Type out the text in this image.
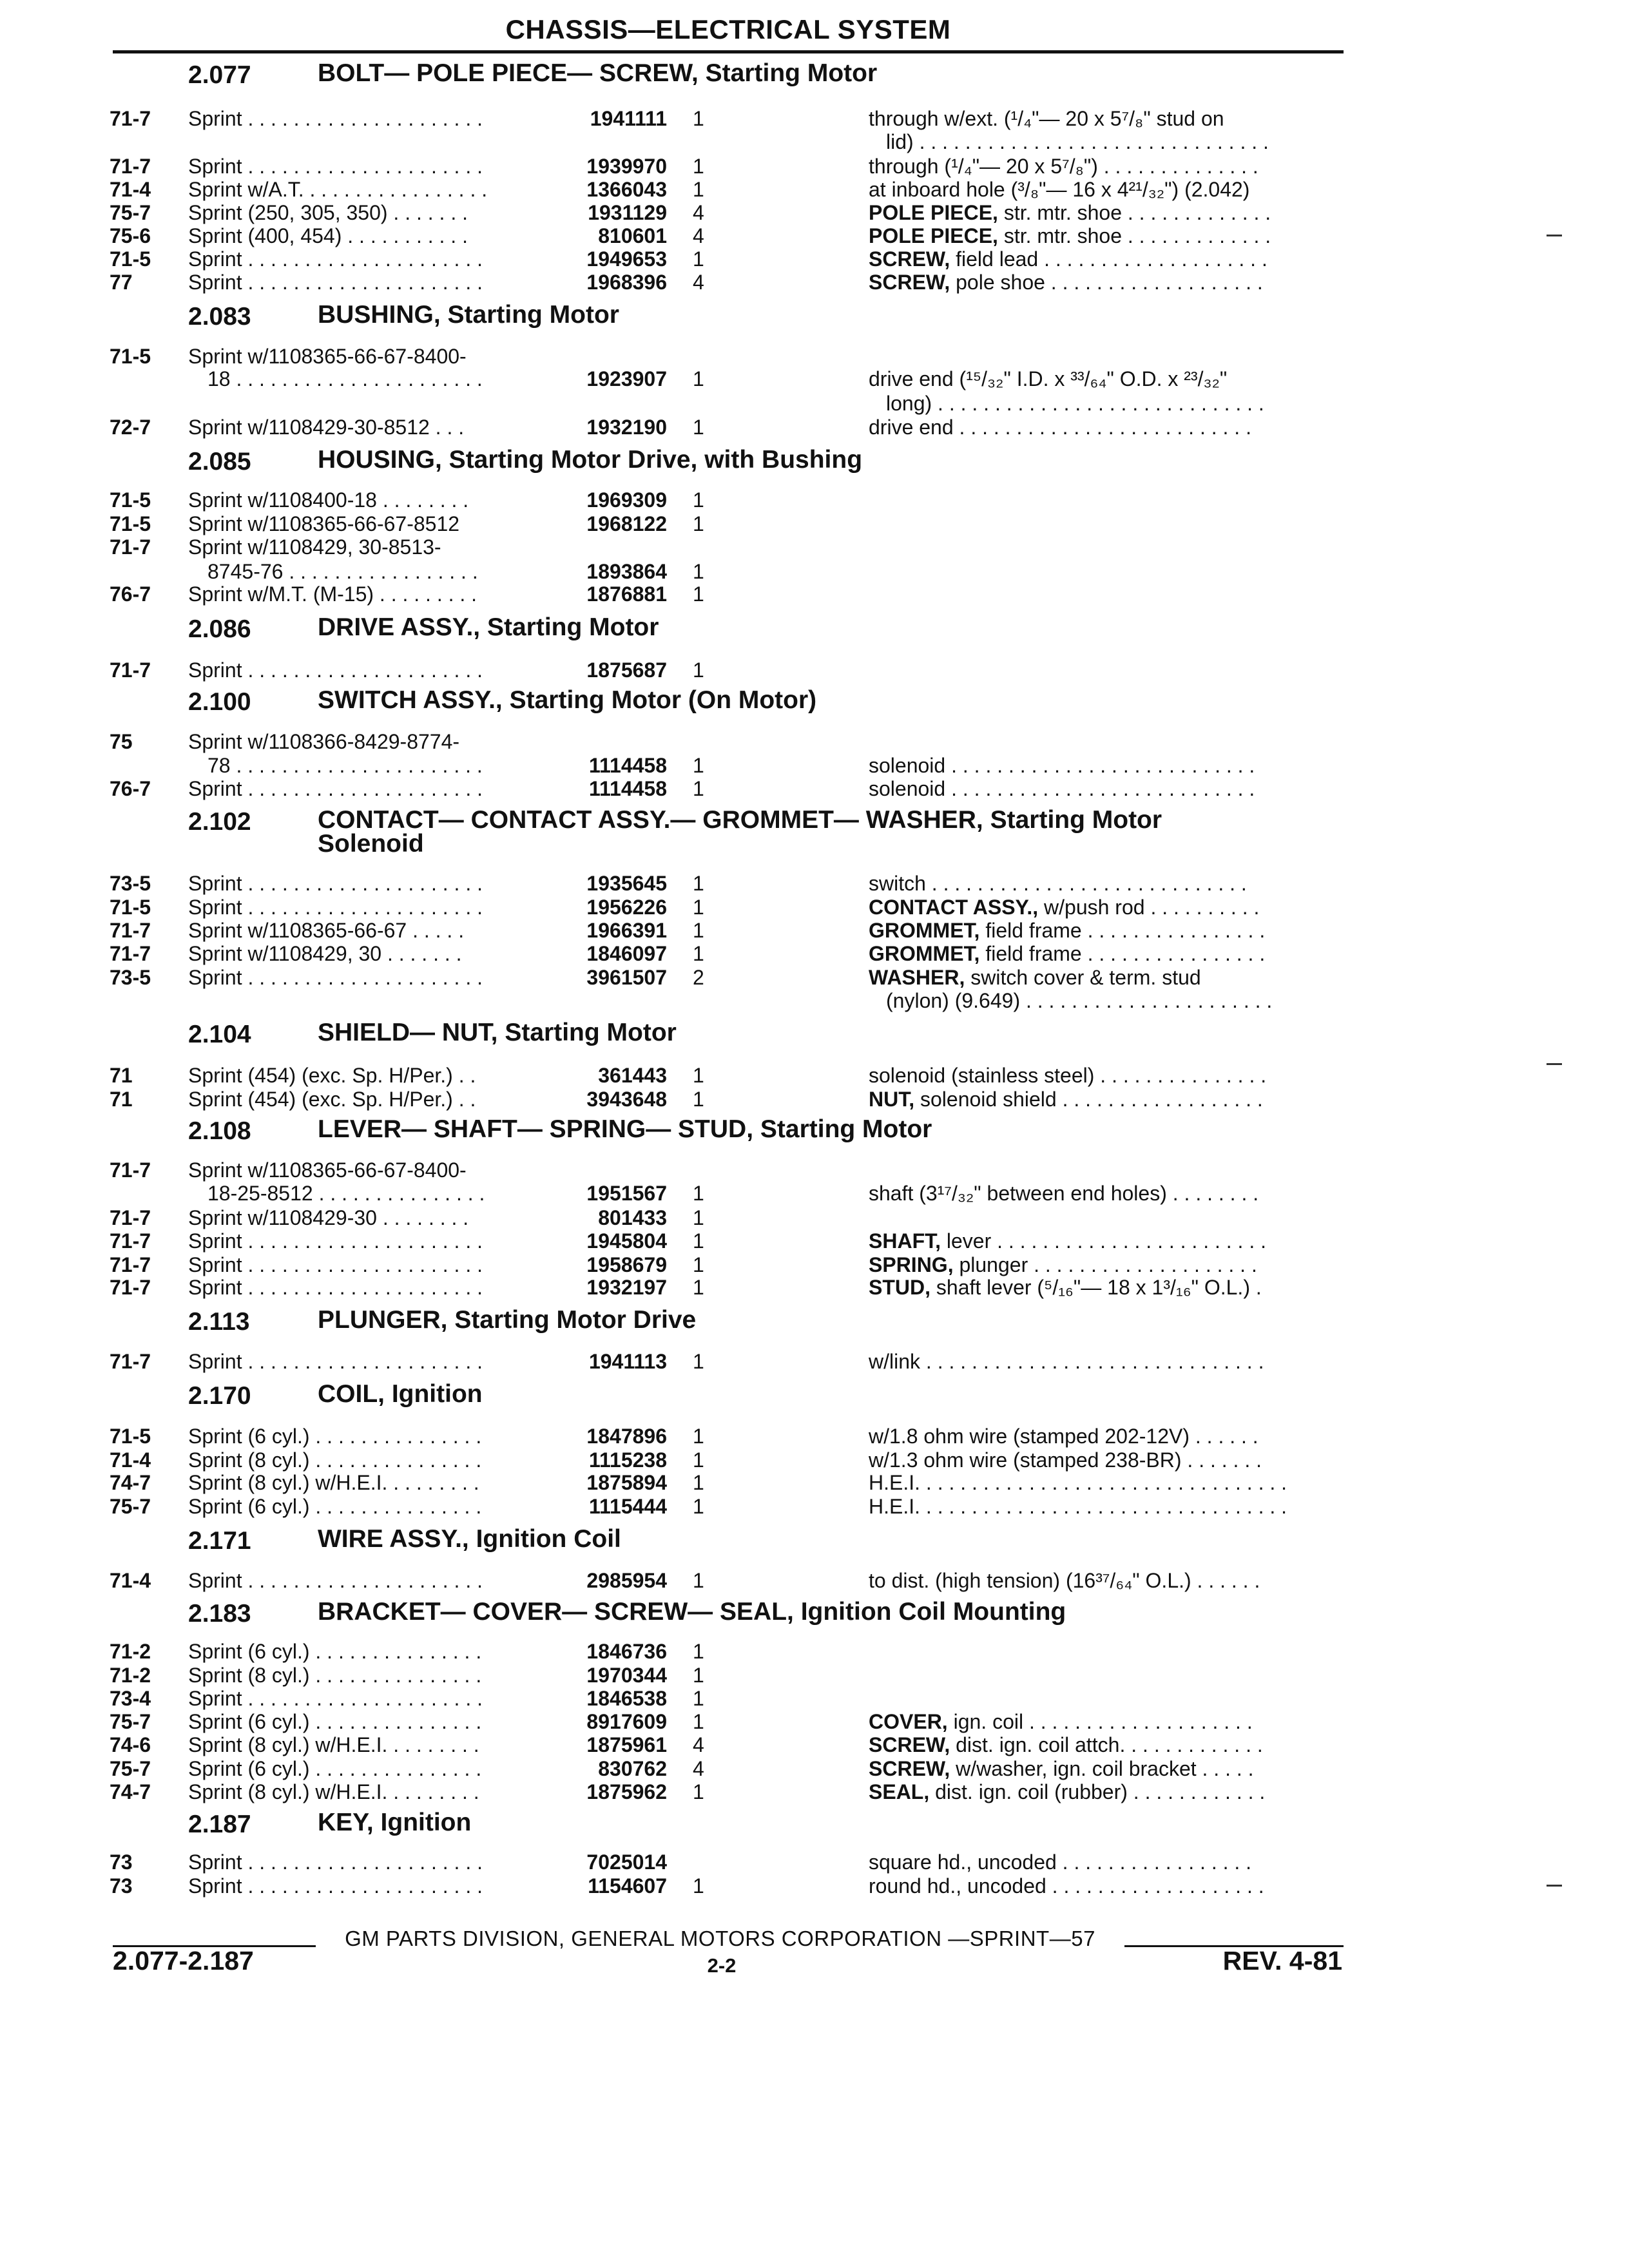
CHASSIS—ELECTRICAL SYSTEM
2.077	BOLT— POLE PIECE— SCREW, Starting Motor
71-7 Sprint . . . . . . . . . . . . . . . . . . . . .	1941111 1	through w/ext. (¹/₄"— 20 x 5⁷/₈" stud on
lid) . . . . . . . . . . . . . . . . . . . . . . . . . . . . . . .
71-7 Sprint . . . . . . . . . . . . . . . . . . . . .	1939970 1	through (¹/₄"— 20 x 5⁷/₈") . . . . . . . . . . . . . .
71-4 Sprint w/A.T. . . . . . . . . . . . . . . . .	1366043 1	at inboard hole (³/₈"— 16 x 4²¹/₃₂") (2.042)
75-7 Sprint (250, 305, 350) . . . . . . .	1931129 4	POLE PIECE, str. mtr. shoe . . . . . . . . . . . . .
75-6 Sprint (400, 454) . . . . . . . . . . .	810601 4	POLE PIECE, str. mtr. shoe . . . . . . . . . . . . .
71-5 Sprint . . . . . . . . . . . . . . . . . . . . .	1949653 1	SCREW, field lead . . . . . . . . . . . . . . . . . . . .
77	Sprint . . . . . . . . . . . . . . . . . . . . .	1968396 4	SCREW, pole shoe . . . . . . . . . . . . . . . . . . .
2.083	BUSHING, Starting Motor
71-5 Sprint w/1108365-66-67-8400-
18 . . . . . . . . . . . . . . . . . . . . . .	1923907 1	drive end (¹⁵/₃₂" I.D. x ³³/₆₄" O.D. x ²³/₃₂"
long) . . . . . . . . . . . . . . . . . . . . . . . . . . . . .
72-7 Sprint w/1108429-30-8512 . . .	1932190 1	drive end . . . . . . . . . . . . . . . . . . . . . . . . . .
2.085	HOUSING, Starting Motor Drive, with Bushing
71-5 Sprint w/1108400-18 . . . . . . . .	1969309 1
71-5 Sprint w/1108365-66-67-8512	1968122 1
71-7 Sprint w/1108429, 30-8513-
8745-76 . . . . . . . . . . . . . . . . .	1893864 1
76-7 Sprint w/M.T. (M-15) . . . . . . . . .	1876881 1
2.086	DRIVE ASSY., Starting Motor
71-7 Sprint . . . . . . . . . . . . . . . . . . . . .	1875687 1
2.100	SWITCH ASSY., Starting Motor (On Motor)
75	Sprint w/1108366-8429-8774-
78 . . . . . . . . . . . . . . . . . . . . . .	1114458 1	solenoid . . . . . . . . . . . . . . . . . . . . . . . . . . .
76-7 Sprint . . . . . . . . . . . . . . . . . . . . .	1114458 1	solenoid . . . . . . . . . . . . . . . . . . . . . . . . . . .
2.102	CONTACT— CONTACT ASSY.— GROMMET— WASHER, Starting Motor
Solenoid
73-5 Sprint . . . . . . . . . . . . . . . . . . . . .	1935645 1	switch . . . . . . . . . . . . . . . . . . . . . . . . . . . .
71-5 Sprint . . . . . . . . . . . . . . . . . . . . .	1956226 1	CONTACT ASSY., w/push rod . . . . . . . . . .
71-7 Sprint w/1108365-66-67 . . . . .	1966391 1	GROMMET, field frame . . . . . . . . . . . . . . . .
71-7 Sprint w/1108429, 30 . . . . . . .	1846097 1	GROMMET, field frame . . . . . . . . . . . . . . . .
73-5 Sprint . . . . . . . . . . . . . . . . . . . . .	3961507 2	WASHER, switch cover & term. stud
(nylon) (9.649) . . . . . . . . . . . . . . . . . . . . . .
2.104	SHIELD— NUT, Starting Motor
71	Sprint (454) (exc. Sp. H/Per.) . .	361443 1	solenoid (stainless steel) . . . . . . . . . . . . . . .
71	Sprint (454) (exc. Sp. H/Per.) . .	3943648 1	NUT, solenoid shield . . . . . . . . . . . . . . . . . .
2.108	LEVER— SHAFT— SPRING— STUD, Starting Motor
71-7 Sprint w/1108365-66-67-8400-
18-25-8512 . . . . . . . . . . . . . . .	1951567 1	shaft (3¹⁷/₃₂" between end holes) . . . . . . . .
71-7 Sprint w/1108429-30 . . . . . . . .	801433 1
71-7 Sprint . . . . . . . . . . . . . . . . . . . . .	1945804 1	SHAFT, lever . . . . . . . . . . . . . . . . . . . . . . . .
71-7 Sprint . . . . . . . . . . . . . . . . . . . . .	1958679 1	SPRING, plunger . . . . . . . . . . . . . . . . . . . .
71-7 Sprint . . . . . . . . . . . . . . . . . . . . .	1932197 1	STUD, shaft lever (⁵/₁₆"— 18 x 1³/₁₆" O.L.) .
2.113	PLUNGER, Starting Motor Drive
71-7 Sprint . . . . . . . . . . . . . . . . . . . . .	1941113 1	w/link . . . . . . . . . . . . . . . . . . . . . . . . . . . . . .
2.170	COIL, Ignition
71-5 Sprint (6 cyl.) . . . . . . . . . . . . . . .	1847896 1	w/1.8 ohm wire (stamped 202-12V) . . . . . .
71-4 Sprint (8 cyl.) . . . . . . . . . . . . . . .	1115238 1	w/1.3 ohm wire (stamped 238-BR) . . . . . . .
74-7 Sprint (8 cyl.) w/H.E.I. . . . . . . . .	1875894 1	H.E.I. . . . . . . . . . . . . . . . . . . . . . . . . . . . . . . . .
75-7 Sprint (6 cyl.) . . . . . . . . . . . . . . .	1115444 1	H.E.I. . . . . . . . . . . . . . . . . . . . . . . . . . . . . . . . .
2.171	WIRE ASSY., Ignition Coil
71-4 Sprint . . . . . . . . . . . . . . . . . . . . .	2985954 1	to dist. (high tension) (16³⁷/₆₄" O.L.) . . . . . .
2.183	BRACKET— COVER— SCREW— SEAL, Ignition Coil Mounting
71-2 Sprint (6 cyl.) . . . . . . . . . . . . . . .	1846736 1
71-2 Sprint (8 cyl.) . . . . . . . . . . . . . . .	1970344 1
73-4 Sprint . . . . . . . . . . . . . . . . . . . . .	1846538 1
75-7 Sprint (6 cyl.) . . . . . . . . . . . . . . .	8917609 1	COVER, ign. coil . . . . . . . . . . . . . . . . . . . .
74-6 Sprint (8 cyl.) w/H.E.I. . . . . . . . .	1875961 4	SCREW, dist. ign. coil attch. . . . . . . . . . . . .
75-7 Sprint (6 cyl.) . . . . . . . . . . . . . . .	830762 4	SCREW, w/washer, ign. coil bracket . . . . .
74-7 Sprint (8 cyl.) w/H.E.I. . . . . . . . .	1875962 1	SEAL, dist. ign. coil (rubber) . . . . . . . . . . . .
2.187	KEY, Ignition
73	Sprint . . . . . . . . . . . . . . . . . . . . .	7025014	square hd., uncoded . . . . . . . . . . . . . . . . .
73	Sprint . . . . . . . . . . . . . . . . . . . . .	1154607 1	round hd., uncoded . . . . . . . . . . . . . . . . . . .
GM PARTS DIVISION, GENERAL MOTORS CORPORATION —SPRINT—57
2.077-2.187	2-2	REV. 4-81
